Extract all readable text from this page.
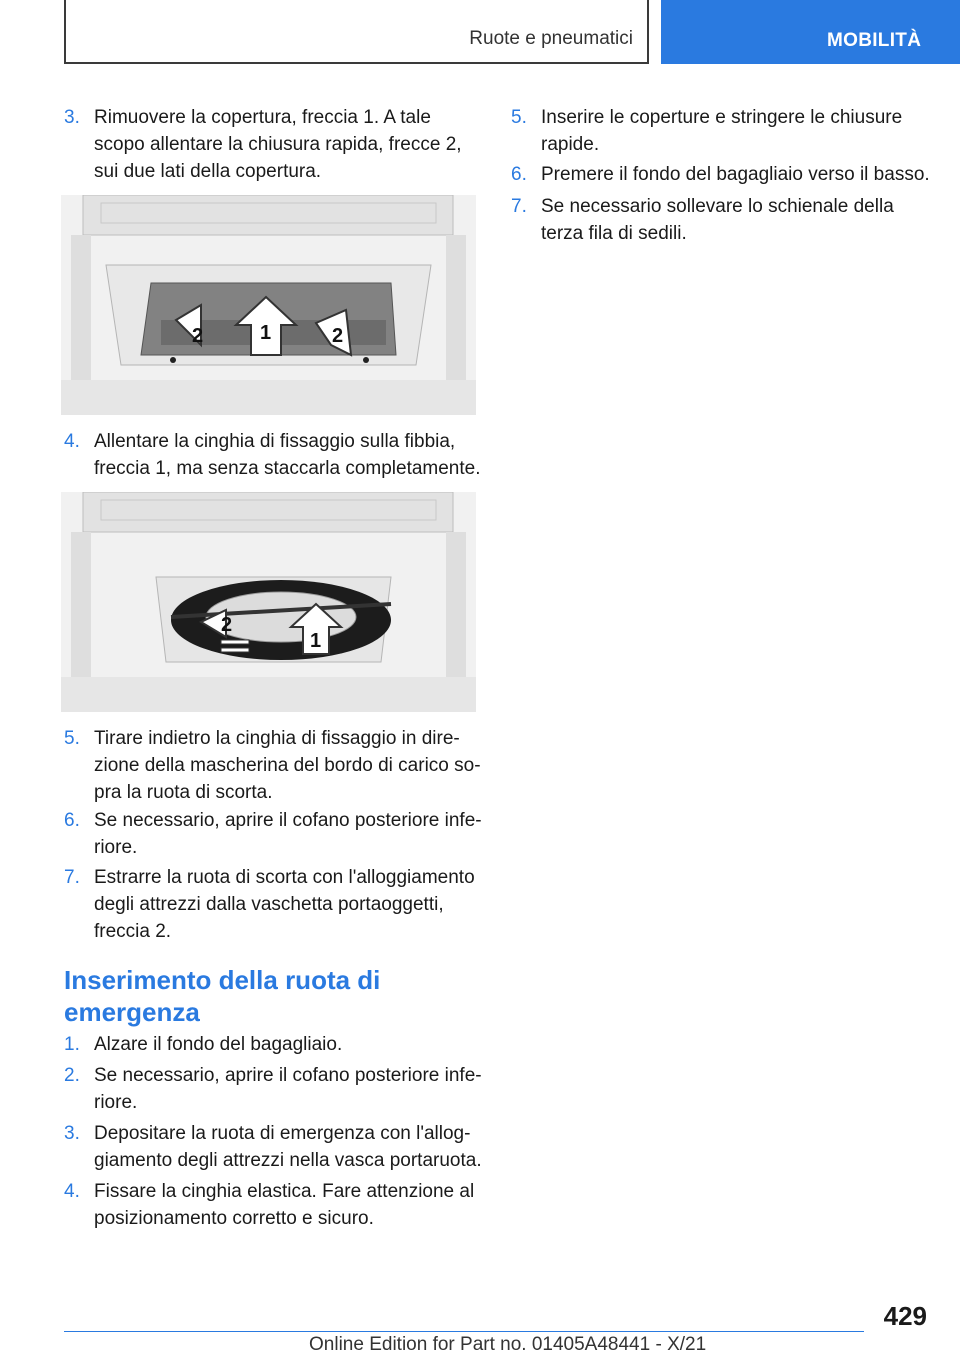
Ruote e pneumatici	MOBILITÀ
3. Rimuovere la copertura, freccia 1. A tale
scopo allentare la chiusura rapida, frecce 2,
sui due lati della copertura.
2	1	2
4. Allentare la cinghia di fissaggio sulla fibbia,
freccia 1, ma senza staccarla completamente.
2
1
5. Tirare indietro la cinghia di fissaggio in dire‐
zione della mascherina del bordo di carico so‐
pra la ruota di scorta.
6. Se necessario, aprire il cofano posteriore infe‐
riore.
7. Estrarre la ruota di scorta con l'alloggiamento
degli attrezzi dalla vaschetta portaoggetti,
freccia 2.
Inserimento della ruota di
emergenza
1. Alzare il fondo del bagagliaio.
2. Se necessario, aprire il cofano posteriore infe‐
riore.
3. Depositare la ruota di emergenza con l'allog‐
giamento degli attrezzi nella vasca portaruota.
4. Fissare la cinghia elastica. Fare attenzione al
posizionamento corretto e sicuro.
5. Inserire le coperture e stringere le chiusure
rapide.
6. Premere il fondo del bagagliaio verso il basso.
7. Se necessario sollevare lo schienale della
terza fila di sedili.
429
Online Edition for Part no. 01405A48441 - X/21
